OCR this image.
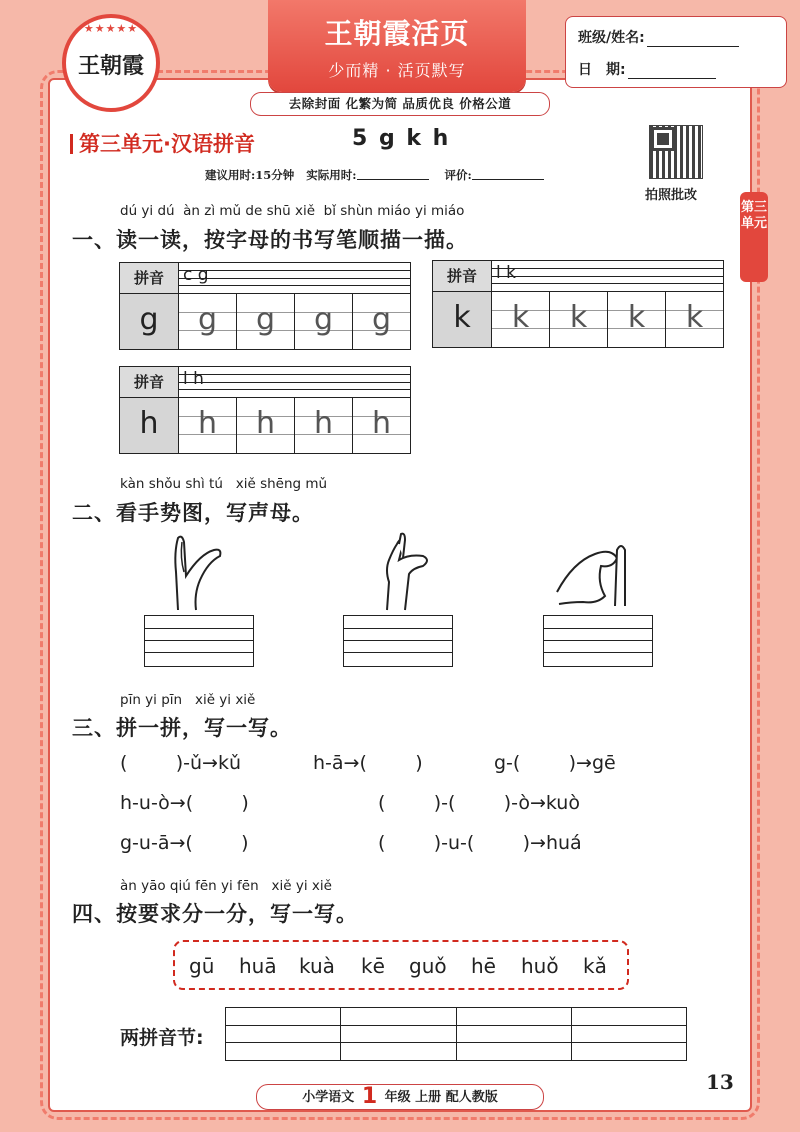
★★★★★
王朝霞
王朝霞活页
少而精 · 活页默写
班级/姓名:
日　期:
去除封面 化繁为简 品质优良 价格公道
第三单元
第三单元·汉语拼音	5 g k h
建议用时:15分钟 实际用时:	评价:
拍照批改
dú yi dú  àn zì mǔ de shū xiě  bǐ shùn miáo yi miáo
一、读一读，按字母的书写笔顺描一描。
拼音	c g
g	g	g	g	g
拼音	l k
k	k	k	k	k
拼音	l h
h	h	h	h	h
kàn shǒu shì tú   xiě shēng mǔ
二、看手势图，写声母。
pīn yi pīn   xiě yi xiě
三、拼一拼，写一写。
(        )-ǔ→kǔ	h-ā→(        )	g-(        )→gē
h-u-ò→(        )	(        )-(        )-ò→kuò
g-u-ā→(        )	(        )-u-(        )→huá
àn yāo qiú fēn yi fēn   xiě yi xiě
四、按要求分一分，写一写。
gū huā kuà kē guǒ hē huǒ kǎ
两拼音节:
13
小学语文 1 年级 上册 配人教版
